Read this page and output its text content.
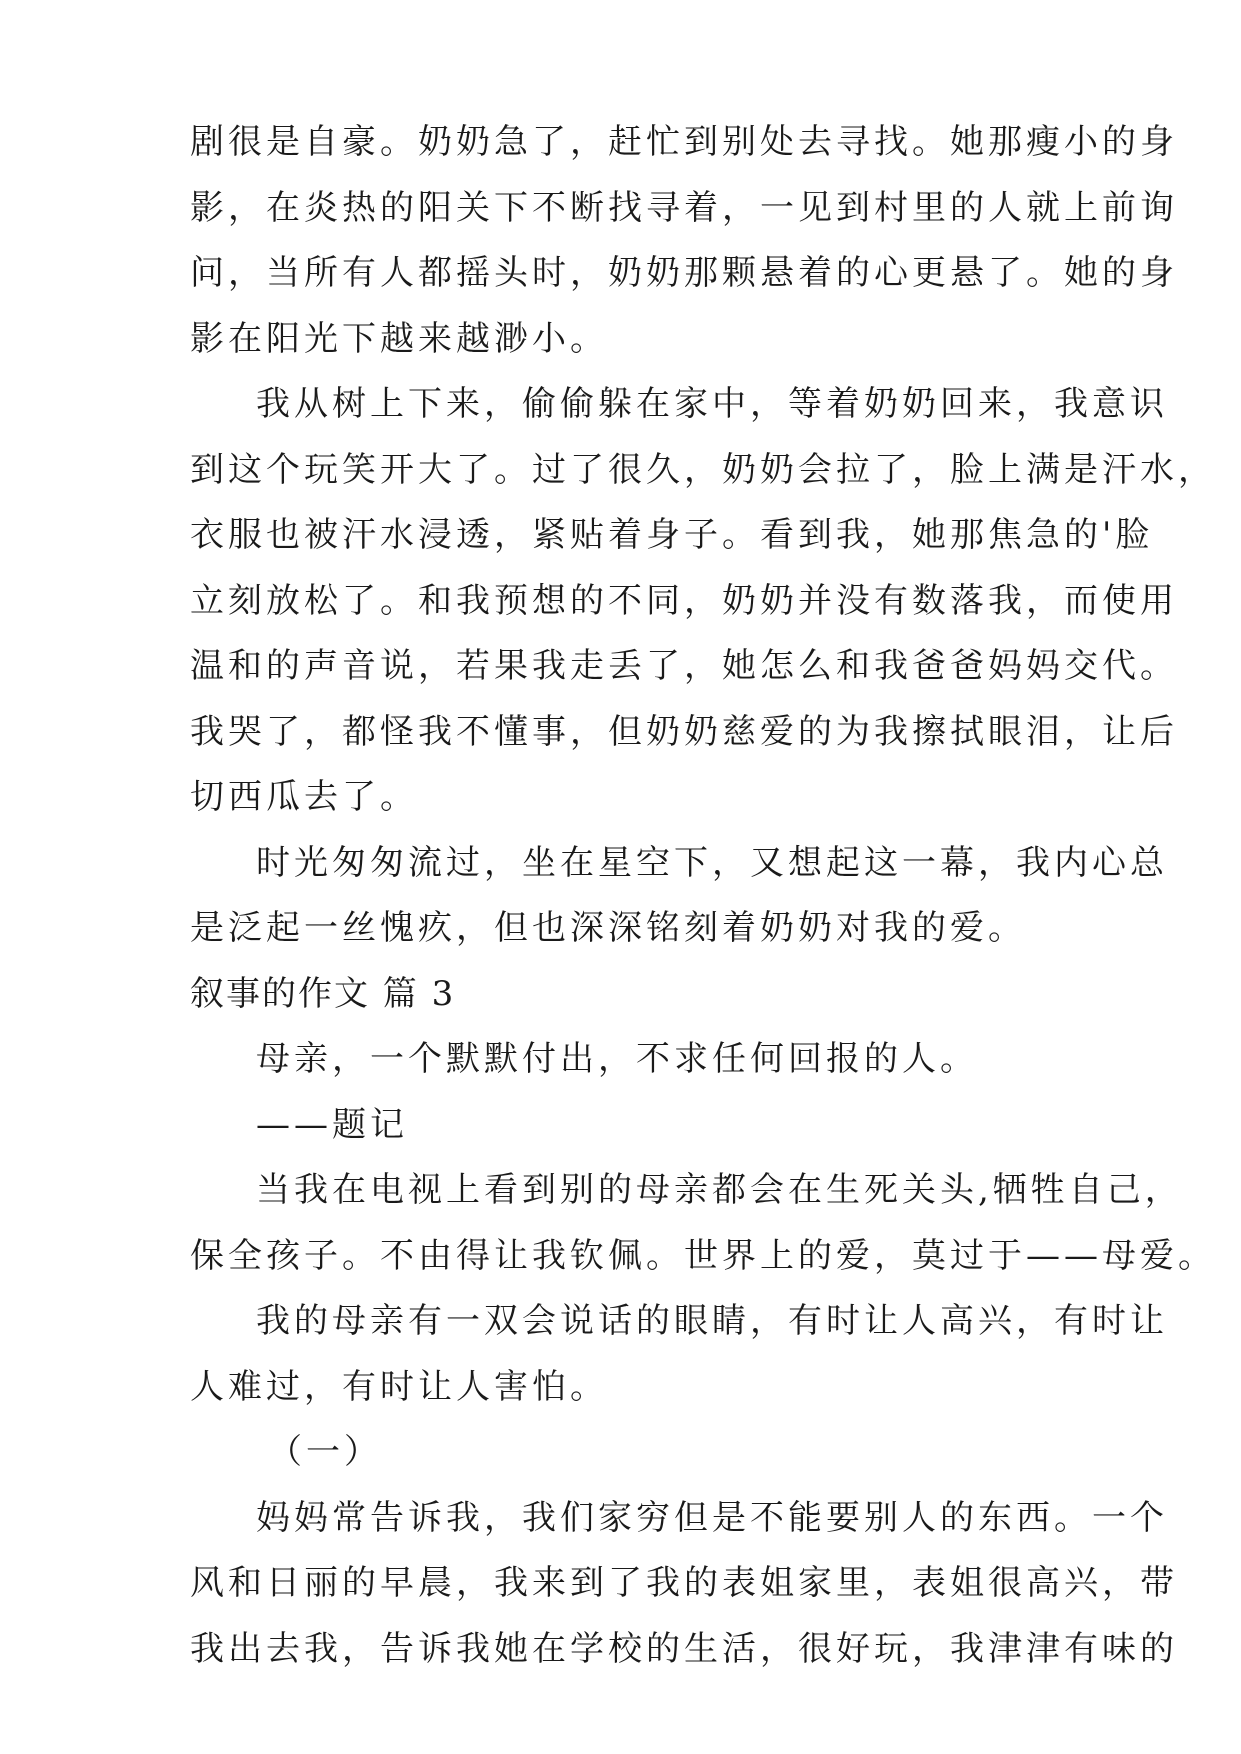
剧很是自豪。奶奶急了，赶忙到别处去寻找。她那瘦小的身
影，在炎热的阳关下不断找寻着，一见到村里的人就上前询
问，当所有人都摇头时，奶奶那颗悬着的心更悬了。她的身
影在阳光下越来越渺小。
我从树上下来，偷偷躲在家中，等着奶奶回来，我意识
到这个玩笑开大了。过了很久，奶奶会拉了，脸上满是汗水，
衣服也被汗水浸透，紧贴着身子。看到我，她那焦急的'脸
立刻放松了。和我预想的不同，奶奶并没有数落我，而使用
温和的声音说，若果我走丢了，她怎么和我爸爸妈妈交代。
我哭了，都怪我不懂事，但奶奶慈爱的为我擦拭眼泪，让后
切西瓜去了。
时光匆匆流过，坐在星空下，又想起这一幕，我内心总
是泛起一丝愧疚，但也深深铭刻着奶奶对我的爱。
叙事的作文 篇 3
母亲，一个默默付出，不求任何回报的人。
——题记
当我在电视上看到别的母亲都会在生死关头,牺牲自己，
保全孩子。不由得让我钦佩。世界上的爱，莫过于——母爱。
我的母亲有一双会说话的眼睛，有时让人高兴，有时让
人难过，有时让人害怕。
（一）
妈妈常告诉我，我们家穷但是不能要别人的东西。一个
风和日丽的早晨，我来到了我的表姐家里，表姐很高兴，带
我出去我，告诉我她在学校的生活，很好玩，我津津有味的
